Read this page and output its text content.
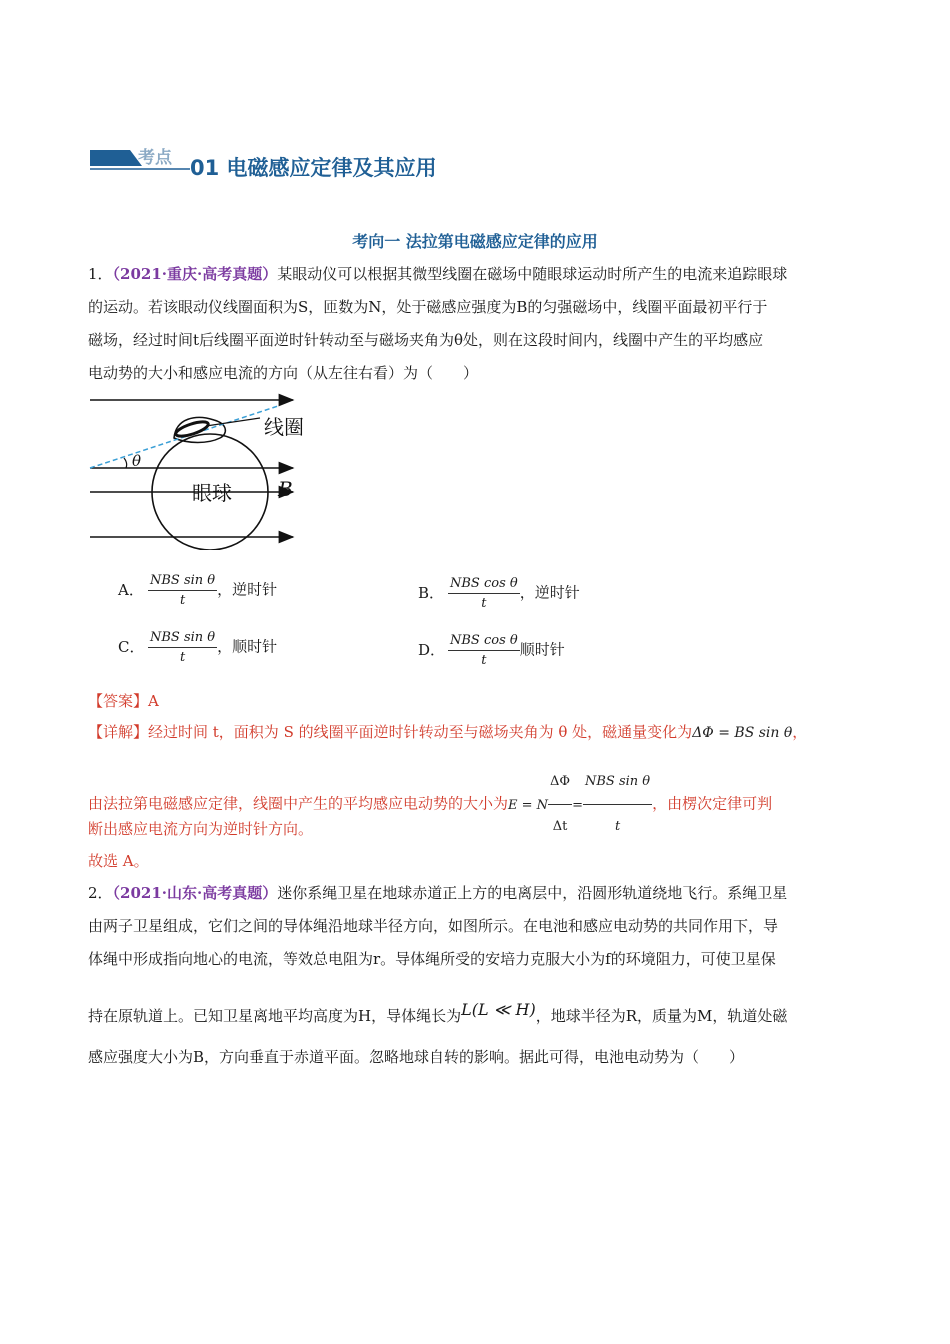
考点 01 电磁感应定律及其应用
考向一 法拉第电磁感应定律的应用
1．（2021·重庆·高考真题）某眼动仪可以根据其微型线圈在磁场中随眼球运动时所产生的电流来追踪眼球
的运动。若该眼动仪线圈面积为S，匝数为N，处于磁感应强度为B的匀强磁场中，线圈平面最初平行于
磁场，经过时间t后线圈平面逆时针转动至与磁场夹角为θ处，则在这段时间内，线圈中产生的平均感应
电动势的大小和感应电流的方向（从左往右看）为（　　）
θ
线圈
眼球 B
A． $\frac{\text{NBS sin θ}}{t}$ ，逆时针	B． $\frac{\text{NBS cos θ}}{t}$ ，逆时针
C． $\frac{\text{NBS sin θ}}{t}$ ，顺时针	D． $\frac{\text{NBS cos θ}}{t}$ 顺时针
【答案】A
【详解】经过时间 t，面积为 S 的线圈平面逆时针转动至与磁场夹角为 θ 处，磁通量变化为ΔΦ = BS sin θ，
由法拉第电磁感应定律，线圈中产生的平均感应电动势的大小为E = N $\frac{\Delta\Phi}{\Delta t} = \frac{\text{NBS sin θ}}{t}$ ，由楞次定律可判
断出感应电流方向为逆时针方向。
故选 A。
2．（2021·山东·高考真题）迷你系绳卫星在地球赤道正上方的电离层中，沿圆形轨道绕地飞行。系绳卫星
由两子卫星组成，它们之间的导体绳沿地球半径方向，如图所示。在电池和感应电动势的共同作用下，导
体绳中形成指向地心的电流，等效总电阻为r。导体绳所受的安培力克服大小为f的环境阻力，可使卫星保
持在原轨道上。已知卫星离地平均高度为H，导体绳长为L(L ≪ H)，地球半径为R，质量为M，轨道处磁
感应强度大小为B，方向垂直于赤道平面。忽略地球自转的影响。据此可得，电池电动势为（　　）
